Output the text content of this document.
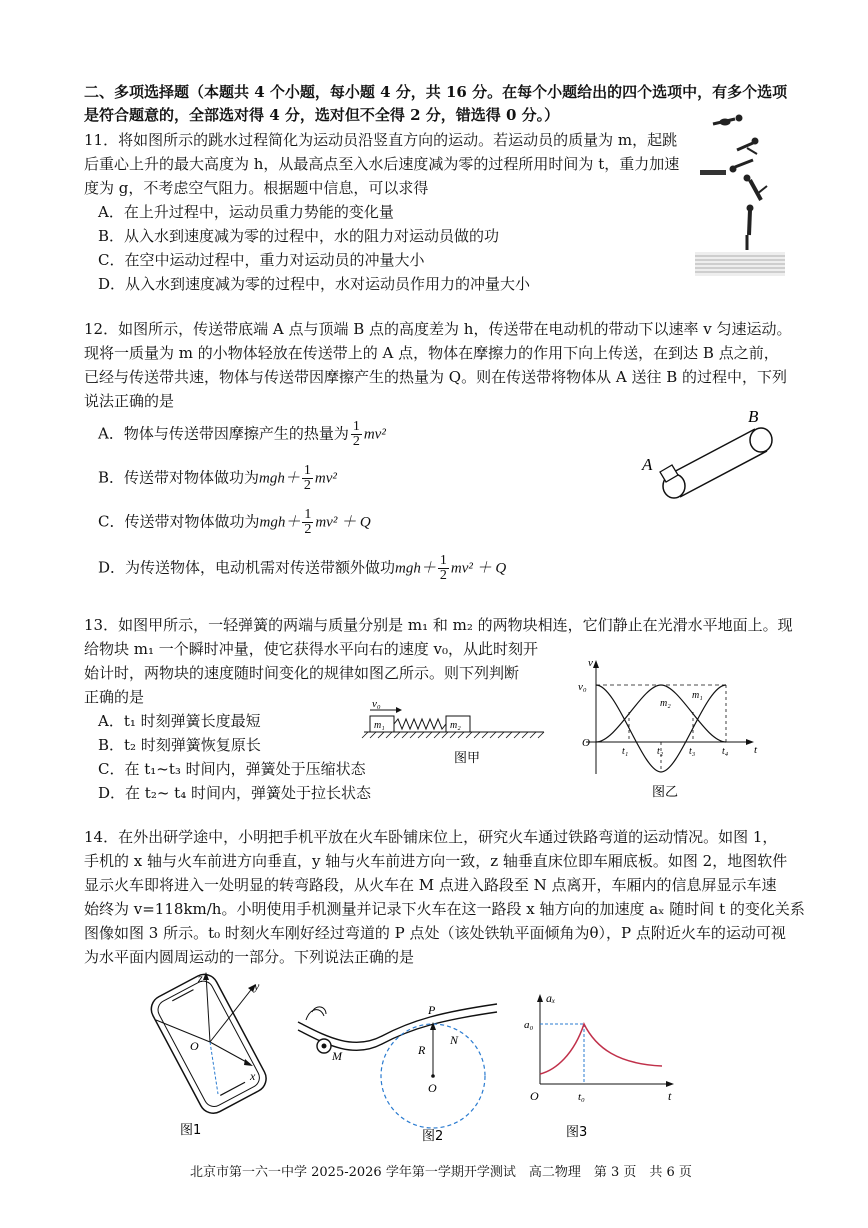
二、多项选择题（本题共 4 个小题，每小题 4 分，共 16 分。在每个小题给出的四个选项中，有多个选项
是符合题意的，全部选对得 4 分，选对但不全得 2 分，错选得 0 分。）
11．将如图所示的跳水过程简化为运动员沿竖直方向的运动。若运动员的质量为 m，起跳
后重心上升的最大高度为 h，从最高点至入水后速度减为零的过程所用时间为 t，重力加速
度为 g，不考虑空气阻力。根据题中信息，可以求得
A．在上升过程中，运动员重力势能的变化量
B．从入水到速度减为零的过程中，水的阻力对运动员做的功
C．在空中运动过程中，重力对运动员的冲量大小
D．从入水到速度减为零的过程中，水对运动员作用力的冲量大小
12．如图所示，传送带底端 A 点与顶端 B 点的高度差为 h，传送带在电动机的带动下以速率 v 匀速运动。
现将一质量为 m 的小物体轻放在传送带上的 A 点，物体在摩擦力的作用下向上传送，在到达 B 点之前，
已经与传送带共速，物体与传送带因摩擦产生的热量为 Q。则在传送带将物体从 A 送往 B 的过程中，下列
说法正确的是
A．物体与传送带因摩擦产生的热量为 $\frac{1}{2} mv^2$
B．传送带对物体做功为$mgh+ \frac{1}{2} mv^2$
C．传送带对物体做功为$mgh+ \frac{1}{2} mv^2 + Q$
D．为传送物体，电动机需对传送带额外做功$mgh+ \frac{1}{2} mv^2 + Q$
A
B
13．如图甲所示，一轻弹簧的两端与质量分别是 m₁ 和 m₂ 的两物块相连，它们静止在光滑水平地面上。现
给物块 m₁ 一个瞬时冲量，使它获得水平向右的速度 v₀，从此时刻开
始计时，两物块的速度随时间变化的规律如图乙所示。则下列判断
正确的是
A．t₁ 时刻弹簧长度最短
B．t₂ 时刻弹簧恢复原长
C．在 t₁~t₃ 时间内，弹簧处于压缩状态
D．在 t₂~ t₄ 时间内，弹簧处于拉长状态
v₀
m₁	m₂
图甲
v
v₀
O
t
m₂
m₁
t₁	t₂	t₃	t₄
图乙
14．在外出研学途中，小明把手机平放在火车卧铺床位上，研究火车通过铁路弯道的运动情况。如图 1，
手机的 x 轴与火车前进方向垂直，y 轴与火车前进方向一致，z 轴垂直床位即车厢底板。如图 2，地图软件
显示火车即将进入一处明显的转弯路段，从火车在 M 点进入路段至 N 点离开，车厢内的信息屏显示车速
始终为 v=118km/h。小明使用手机测量并记录下火车在这一路段 x 轴方向的加速度 aₓ 随时间 t 的变化关系
图像如图 3 所示。t₀ 时刻火车刚好经过弯道的 P 点处（该处铁轨平面倾角为θ），P 点附近火车的运动可视
为水平面内圆周运动的一部分。下列说法正确的是
z
y
x
O
图1
P
M
N
R
O
图2
aₓ
a₀
O	t₀	t
图3
北京市第一六一中学 2025-2026 学年第一学期开学测试　高二物理　第 3 页　共 6 页
